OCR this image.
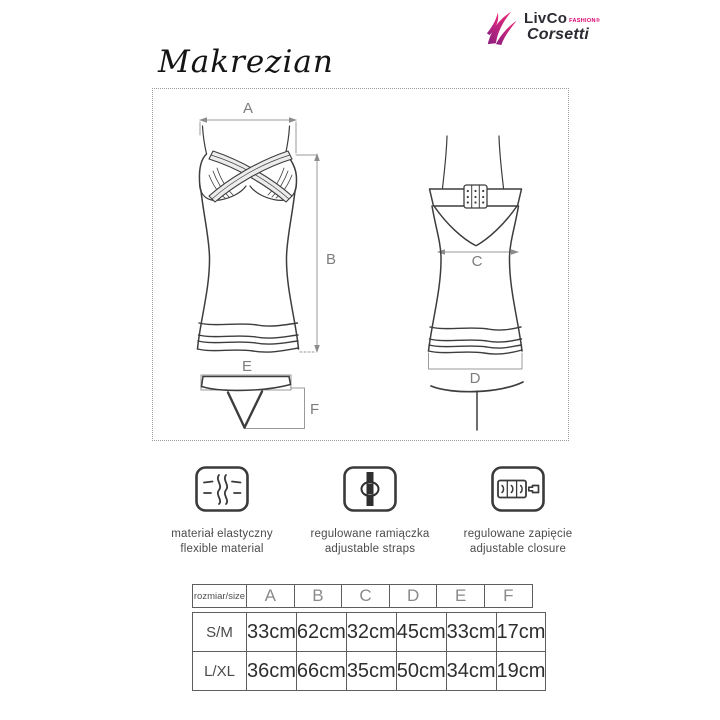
LivCo FASHION®
Corsetti
Makrezian
A
B	C
D
E
F
materiał elastyczny
flexible material
regulowane ramiączka
adjustable straps
regulowane zapięcie
adjustable closure
rozmiar/size	A	B	C	D	E	F
S/M	33cm	62cm	32cm	45cm	33cm	17cm
L/XL	36cm	66cm	35cm	50cm	34cm	19cm
